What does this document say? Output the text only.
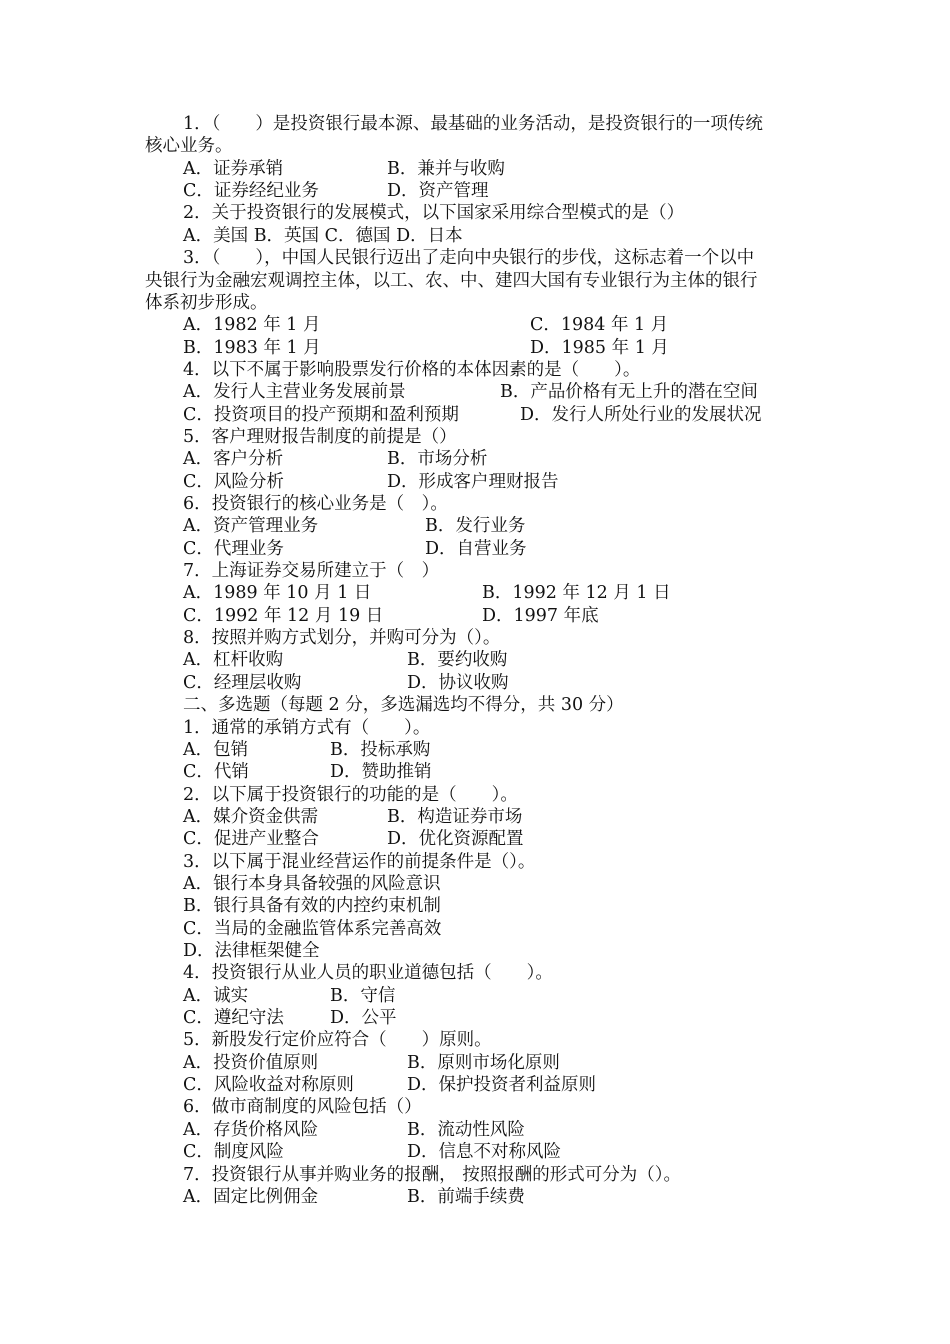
1．（　　）是投资银行最本源、最基础的业务活动，是投资银行的一项传统
核心业务。
A．证券承销	B．兼并与收购
C．证券经纪业务	D．资产管理
2．关于投资银行的发展模式，以下国家采用综合型模式的是（）
A．美国 B．英国 C．德国 D．日本
3．（　　），中国人民银行迈出了走向中央银行的步伐，这标志着一个以中
央银行为金融宏观调控主体，以工、农、中、建四大国有专业银行为主体的银行
体系初步形成。
A．1982 年 1 月	C．1984 年 1 月
B．1983 年 1 月	D．1985 年 1 月
4．以下不属于影响股票发行价格的本体因素的是（　　）。
A．发行人主营业务发展前景	B．产品价格有无上升的潜在空间
C．投资项目的投产预期和盈利预期	D．发行人所处行业的发展状况
5．客户理财报告制度的前提是（）
A．客户分析	B．市场分析
C．风险分析	D．形成客户理财报告
6．投资银行的核心业务是（　）。
A．资产管理业务	B．发行业务
C．代理业务	D．自营业务
7．上海证券交易所建立于（　）
A．1989 年 10 月 1 日	B．1992 年 12 月 1 日
C．1992 年 12 月 19 日	D．1997 年底
8．按照并购方式划分，并购可分为（）。
A．杠杆收购	B．要约收购
C．经理层收购	D．协议收购
二、多选题（每题 2 分，多选漏选均不得分，共 30 分）
1．通常的承销方式有（　　）。
A．包销	B．投标承购
C．代销	D．赞助推销
2．以下属于投资银行的功能的是（　　）。
A．媒介资金供需	B．构造证券市场
C．促进产业整合	D．优化资源配置
3．以下属于混业经营运作的前提条件是（）。
A．银行本身具备较强的风险意识
B．银行具备有效的内控约束机制
C．当局的金融监管体系完善高效
D．法律框架健全
4．投资银行从业人员的职业道德包括（　　）。
A．诚实	B．守信
C．遵纪守法	D．公平
5．新股发行定价应符合（　　）原则。
A．投资价值原则	B．原则市场化原则
C．风险收益对称原则	D．保护投资者利益原则
6．做市商制度的风险包括（）
A．存货价格风险	B．流动性风险
C．制度风险	D．信息不对称风险
7．投资银行从事并购业务的报酬， 按照报酬的形式可分为（）。
A．固定比例佣金	B．前端手续费
